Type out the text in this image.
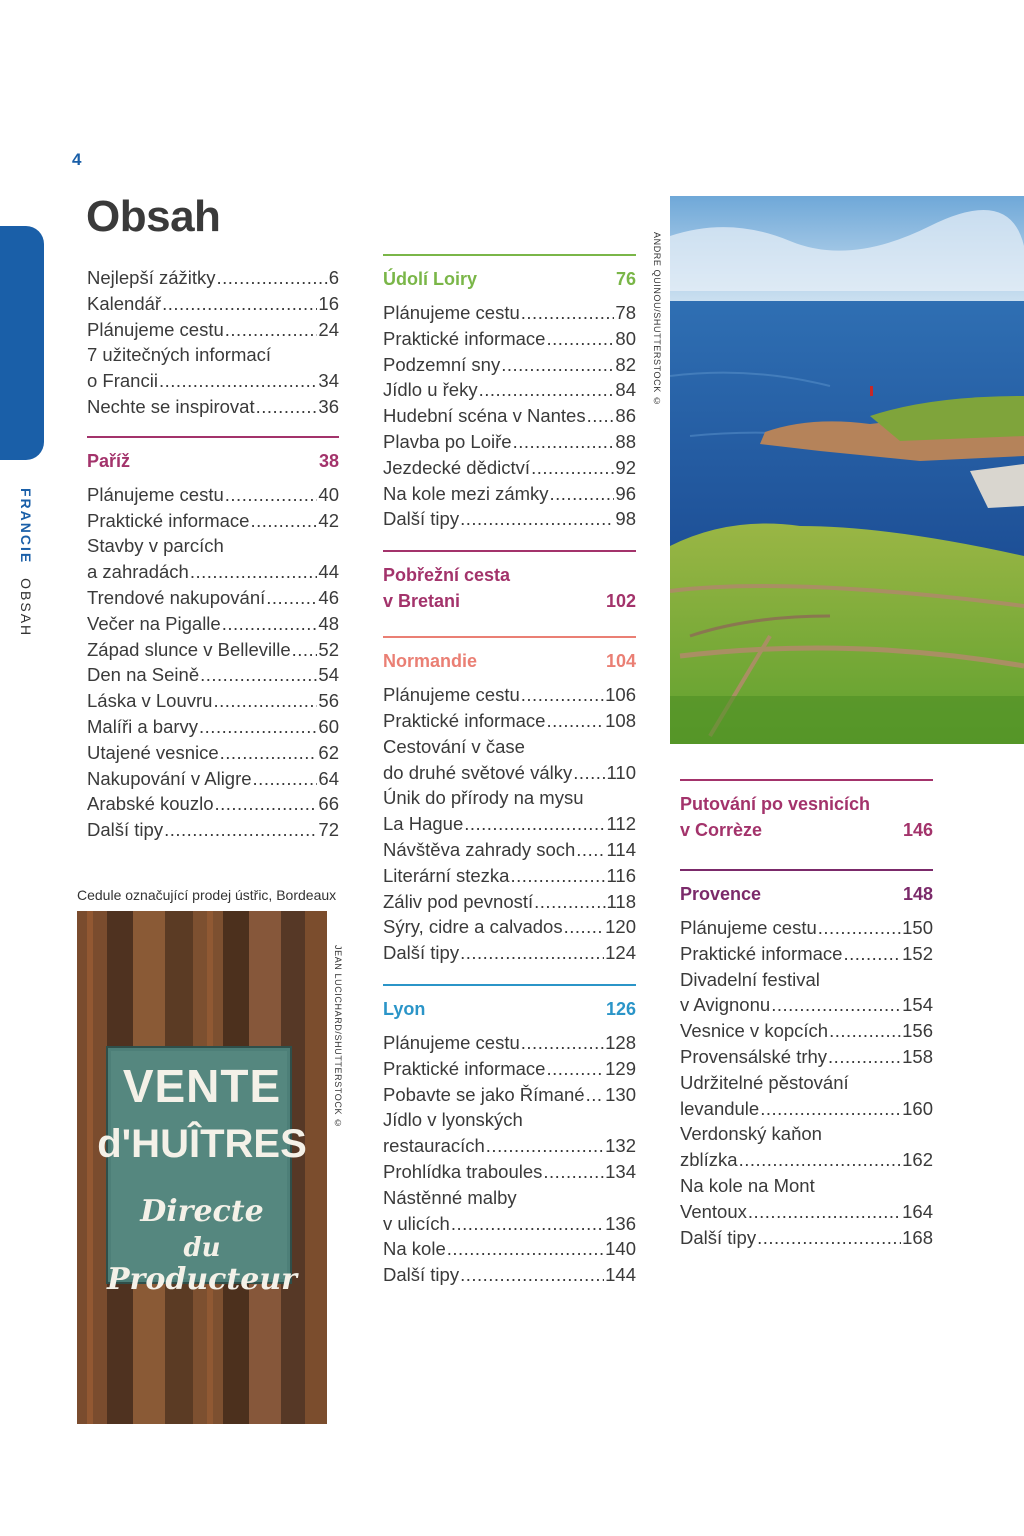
4
Obsah
FRANCIE OBSAH
Nejlepší zážitky .....	6
Kalendář .....	16
Plánujeme cestu .....	24
7 užitečných informací
o Francii .....	34
Nechte se inspirovat .....	36
Paříž	38
Plánujeme cestu .....	40
Praktické informace .....	42
Stavby v parcích
a zahradách .....	44
Trendové nakupování .....	46
Večer na Pigalle .....	48
Západ slunce v Belleville ..... 52
Den na Seině .....	54
Láska v Louvru .....	56
Malíři a barvy .....	60
Utajené vesnice .....	62
Nakupování v Aligre .....	64
Arabské kouzlo .....	66
Další tipy .....	72
Údolí Loiry	76
Plánujeme cestu .....	78
Praktické informace .....	80
Podzemní sny .....	82
Jídlo u řeky .....	84
Hudební scéna v Nantes ..... 86
Plavba po Loiře .....	88
Jezdecké dědictví .....	92
Na kole mezi zámky .....	96
Další tipy .....	98
Pobřežní cesta
v Bretani	102
Normandie	104
Plánujeme cestu .....	106
Praktické informace .....	108
Cestování v čase
do druhé světové války ..... 110
Únik do přírody na mysu
La Hague .....	112
Návštěva zahrady soch ..... 114
Literární stezka .....	116
Záliv pod pevností .....	118
Sýry, cidre a calvados ..... 120
Další tipy .....	124
Lyon	126
Plánujeme cestu .....	128
Praktické informace .....	129
Pobavte se jako Římané ..... 130
Jídlo v lyonských
restauracích .....	132
Prohlídka traboules .....	134
Nástěnné malby
v ulicích .....	136
Na kole .....	140
Další tipy .....	144
Putování po vesnicích
v Corrèze	146
Provence	148
Plánujeme cestu .....	150
Praktické informace .....	152
Divadelní festival
v Avignonu .....	154
Vesnice v kopcích .....	156
Provensálské trhy .....	158
Udržitelné pěstování
levandule .....	160
Verdonský kaňon
zblízka .....	162
Na kole na Mont
Ventoux .....	164
Další tipy .....	168
ANDRE QUINOU/SHUTTERSTOCK ©
Cedule označující prodej ústřic, Bordeaux
VENTE
d'HUÎTRES
Directe
du
Producteur
JEAN LUCICHARD/SHUTTERSTOCK ©
